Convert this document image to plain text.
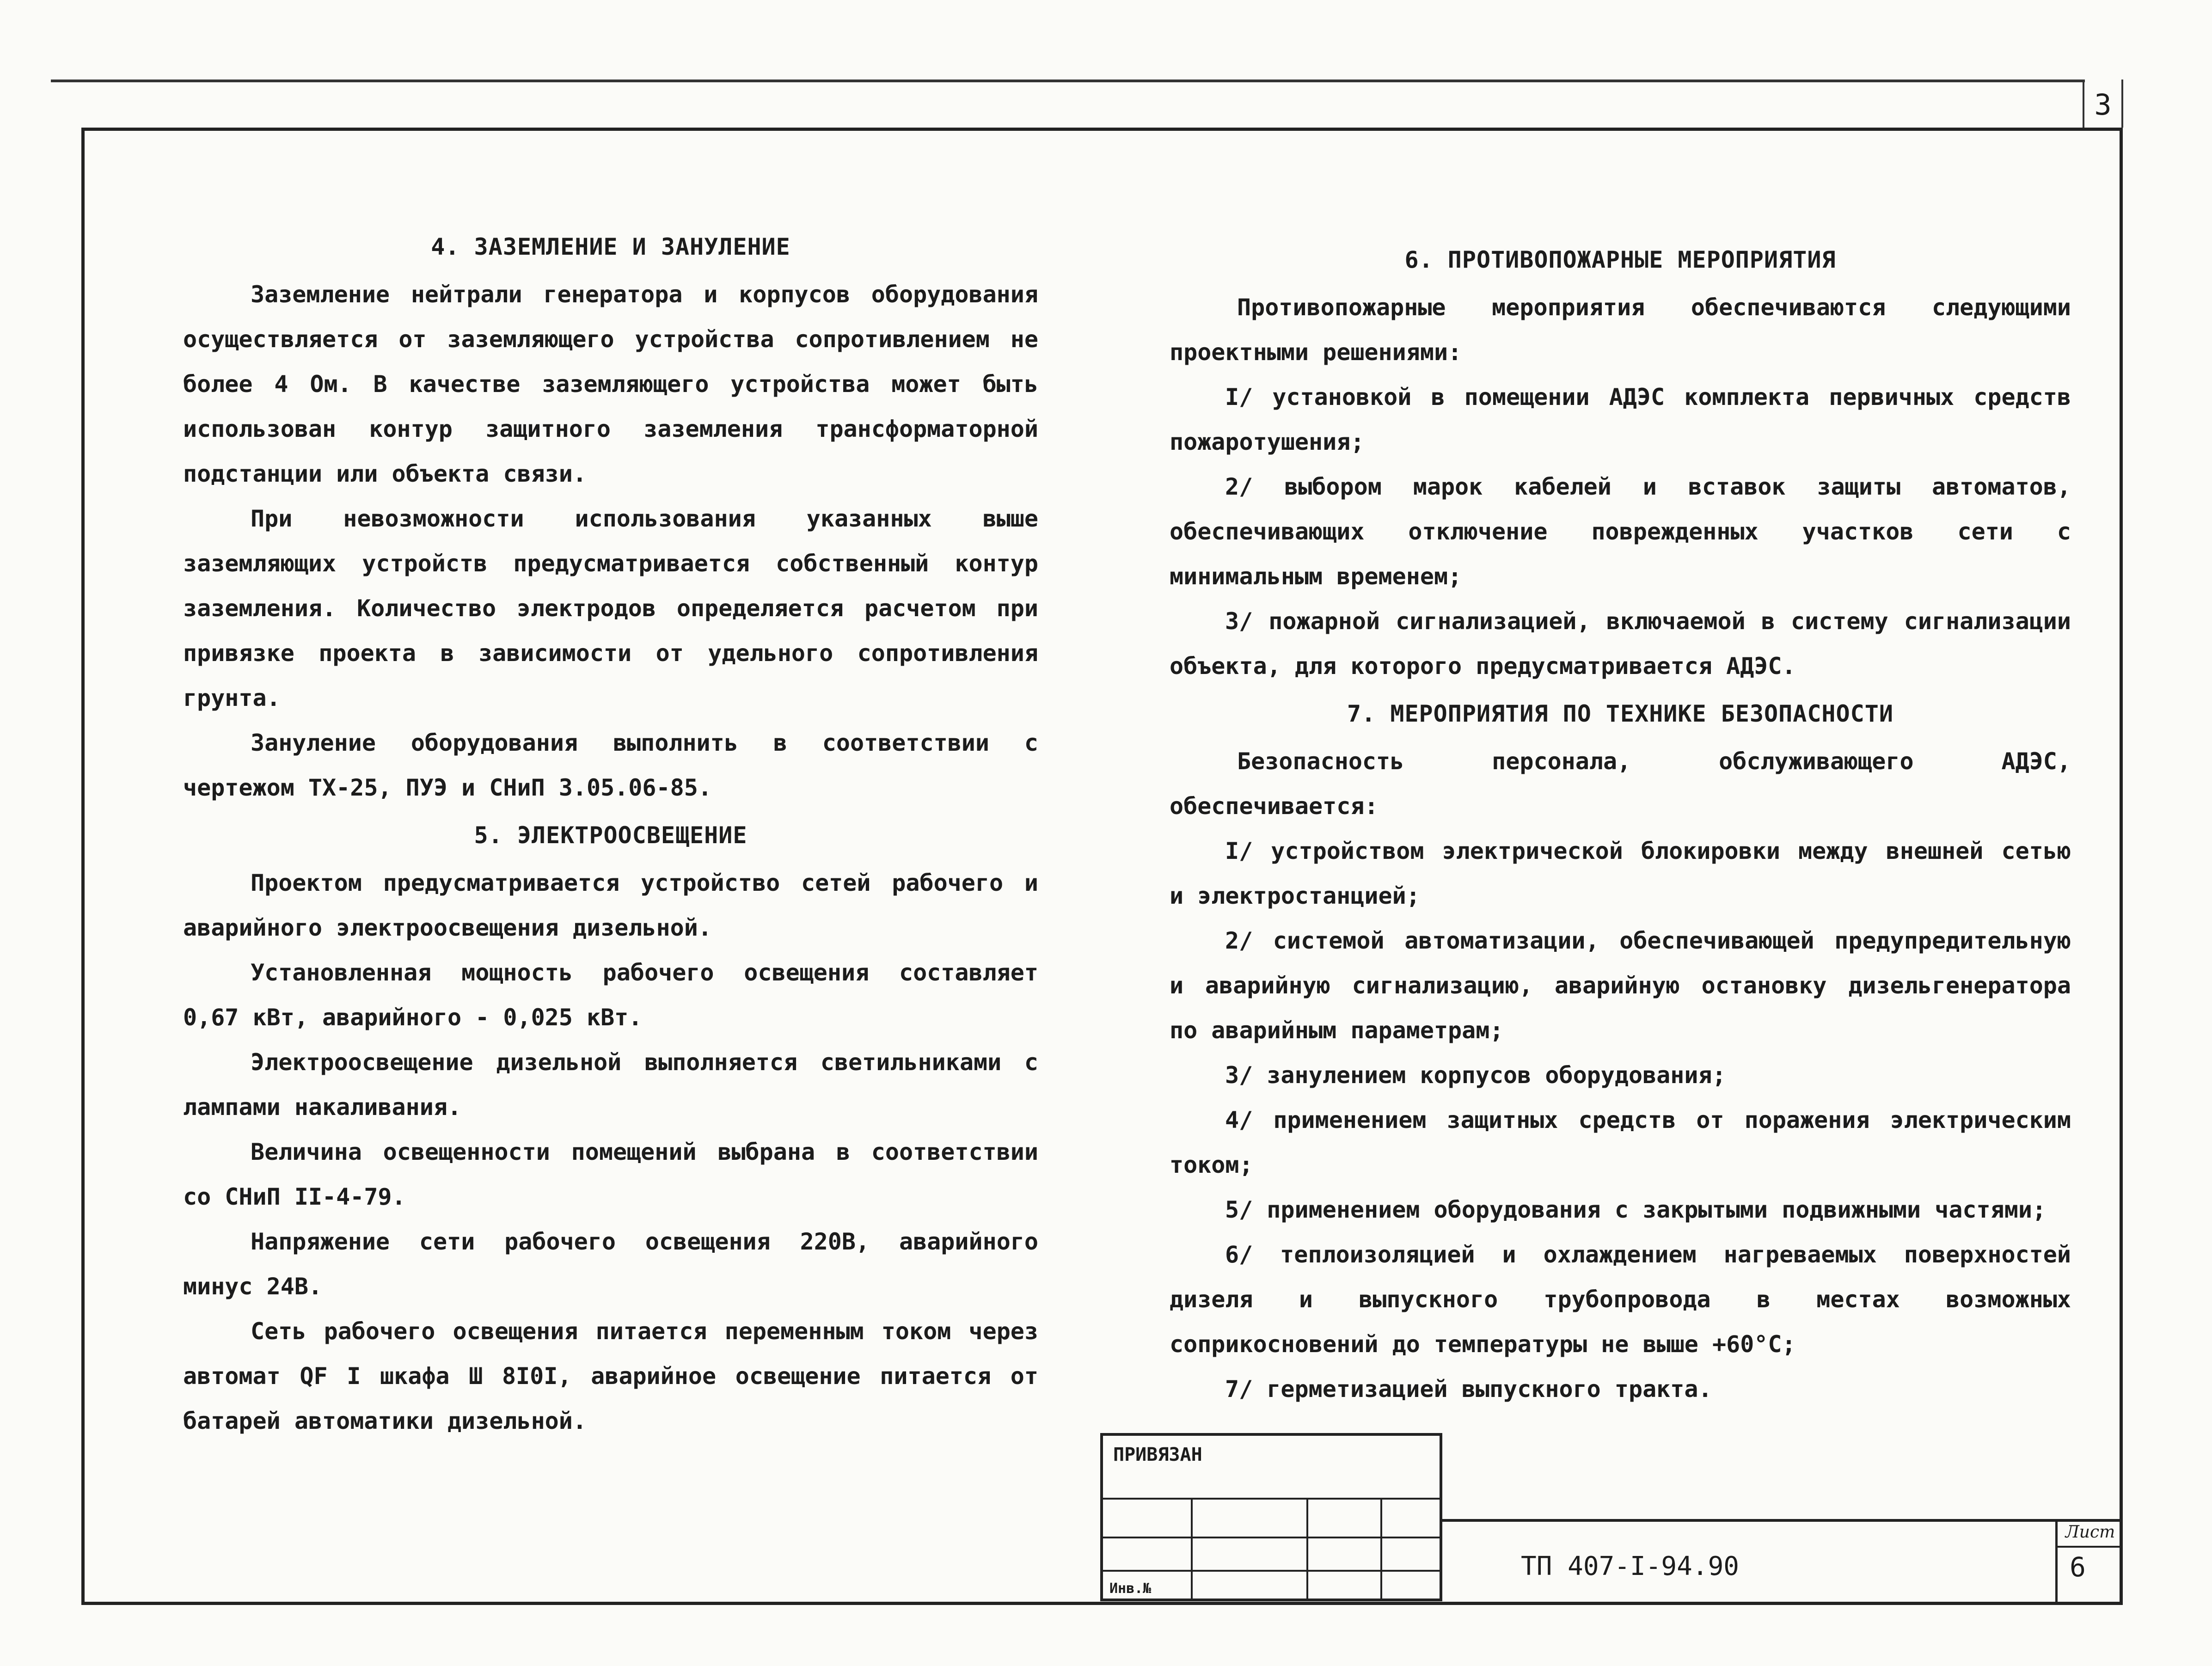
3
4. ЗАЗЕМЛЕНИЕ И ЗАНУЛЕНИЕ

Заземление нейтрали генератора и корпусов оборудования осуществляется от заземляющего устройства сопротивлением не более 4 Ом. В качестве заземляющего устройства может быть использован контур защитного заземления трансформаторной подстанции или объекта связи.

При невозможности использования указанных выше заземляющих устройств предусматривается собственный контур заземления. Количество электродов определяется расчетом при привязке проекта в зависимости от удельного сопротивления грунта.

Зануление оборудования выполнить в соответствии с чертежом ТХ-25, ПУЭ и СНиП 3.05.06-85.

5. ЭЛЕКТРООСВЕЩЕНИЕ

Проектом предусматривается устройство сетей рабочего и аварийного электроосвещения дизельной.

Установленная мощность рабочего освещения составляет 0,67 кВт, аварийного - 0,025 кВт.

Электроосвещение дизельной выполняется светильниками с лампами накаливания.

Величина освещенности помещений выбрана в соответствии со СНиП II-4-79.

Напряжение сети рабочего освещения 220В, аварийного минус 24В.

Сеть рабочего освещения питается переменным током через автомат QF I шкафа Ш 8I0I, аварийное освещение питается от батарей автоматики дизельной.

6. ПРОТИВОПОЖАРНЫЕ МЕРОПРИЯТИЯ

Противопожарные мероприятия обеспечиваются следующими проектными решениями:

I/ установкой в помещении АДЭС комплекта первичных средств пожаротушения;

2/ выбором марок кабелей и вставок защиты автоматов, обеспечивающих отключение поврежденных участков сети с минимальным временем;

3/ пожарной сигнализацией, включаемой в систему сигнализации объекта, для которого предусматривается АДЭС.

7. МЕРОПРИЯТИЯ ПО ТЕХНИКЕ БЕЗОПАСНОСТИ

Безопасность персонала, обслуживающего АДЭС, обеспечивается:

I/ устройством электрической блокировки между внешней сетью и электростанцией;

2/ системой автоматизации, обеспечивающей предупредительную и аварийную сигнализацию, аварийную остановку дизельгенератора по аварийным параметрам;

3/ занулением корпусов оборудования;

4/ применением защитных средств от поражения электрическим током;

5/ применением оборудования с закрытыми подвижными частями;

6/ теплоизоляцией и охлаждением нагреваемых поверхностей дизеля и выпускного трубопровода в местах возможных соприкосновений до температуры не выше +60°С;

7/ герметизацией выпускного тракта.

ПРИВЯЗАН
Инв.№
ТП 407-I-94.90
Лист
6
